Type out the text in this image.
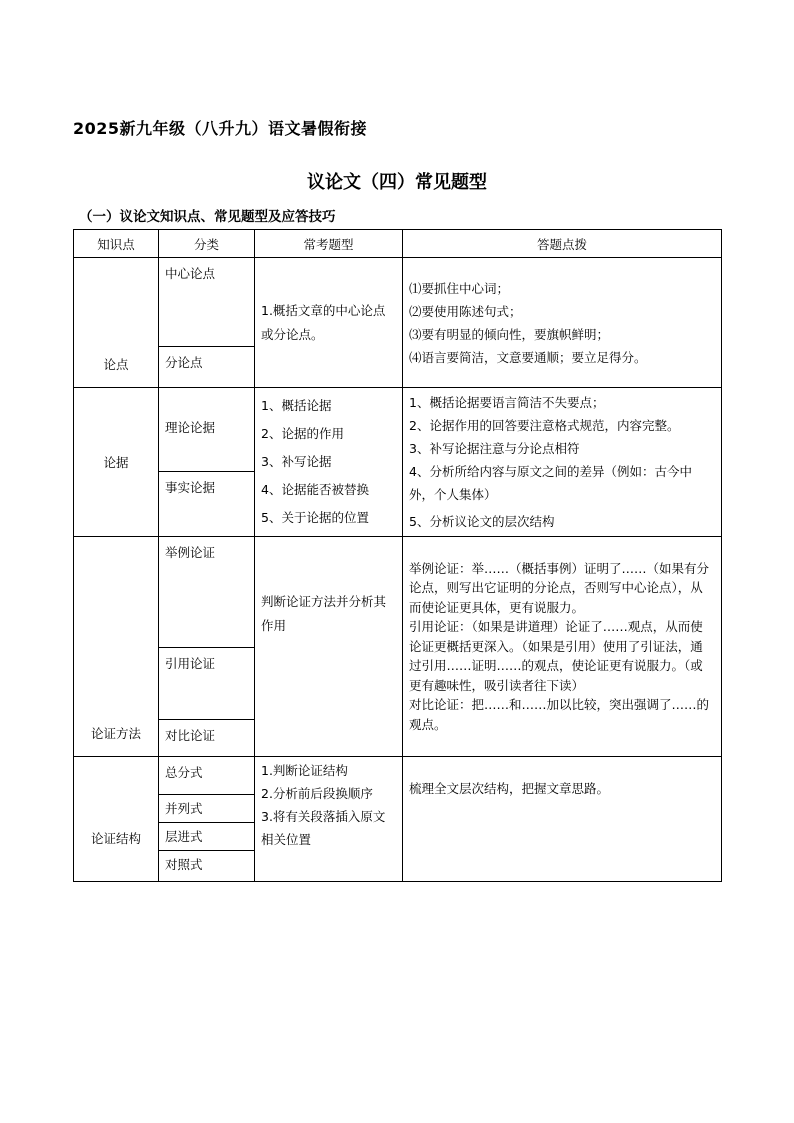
2025新九年级（八升九）语文暑假衔接
议论文（四）常见题型
（一）议论文知识点、常见题型及应答技巧
知识点	分类	常考题型	答题点拨
论点	中心论点	1.概括文章的中心论点或分论点。	⑴要抓住中心词；
⑵要使用陈述句式；
⑶要有明显的倾向性，要旗帜鲜明；
⑷语言要简洁，文意要通顺；要立足得分。

	分论点		
论据	理论论据	1、概括论据
2、论据的作用
3、补写论据
4、论据能否被替换
5、关于论据的位置	1、概括论据要语言简洁不失要点；
2、论据作用的回答要注意格式规范，内容完整。
3、补写论据注意与分论点相符
4、分析所给内容与原文之间的差异（例如：古今中外，个人集体）
5、分析议论文的层次结构

	事实论据		
论证方法	举例论证	判断论证方法并分析其作用	举例论证：举……（概括事例）证明了……（如果有分论点，则写出它证明的分论点，否则写中心论点），从而使论证更具体，更有说服力。
引用论证：（如果是讲道理）论证了……观点，从而使论证更概括更深入。（如果是引用）使用了引证法，通过引用……证明……的观点，使论证更有说服力。（或更有趣味性，吸引读者往下读）
对比论证：把……和……加以比较，突出强调了……的观点。

	引用论证		
	对比论证		
论证结构	总分式	1.判断论证结构
2.分析前后段换顺序
3.将有关段落插入原文相关位置	梳理全文层次结构，把握文章思路。
	并列式		
	层进式		
	对照式		
